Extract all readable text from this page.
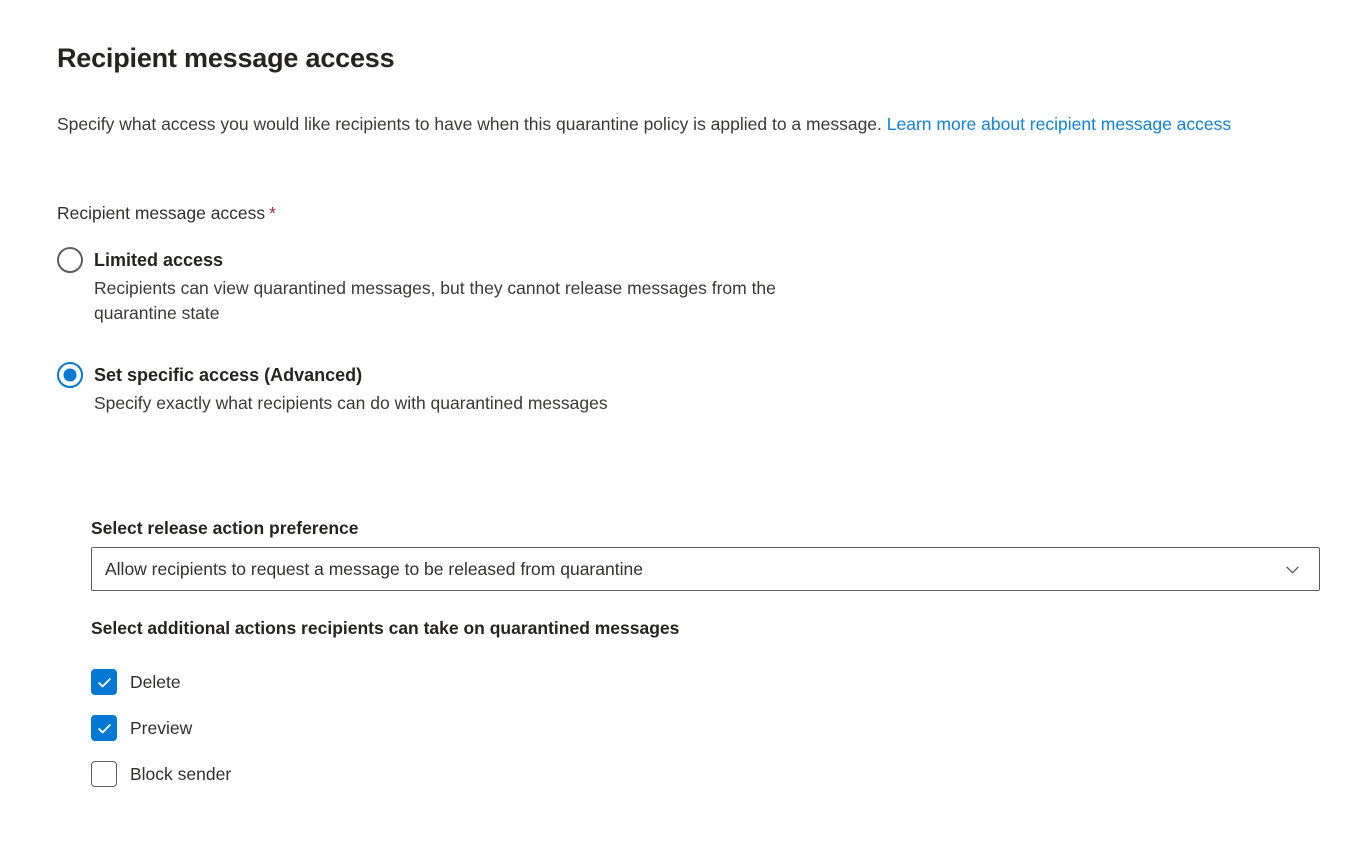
Recipient message access

Specify what access you would like recipients to have when this quarantine policy is applied to a message. Learn more about recipient message access

Recipient message access *
Limited access
Recipients can view quarantined messages, but they cannot release messages from the quarantine state
Set specific access (Advanced)
Specify exactly what recipients can do with quarantined messages
Select release action preference
Allow recipients to request a message to be released from quarantine
Select additional actions recipients can take on quarantined messages
Delete
Preview
Block sender
